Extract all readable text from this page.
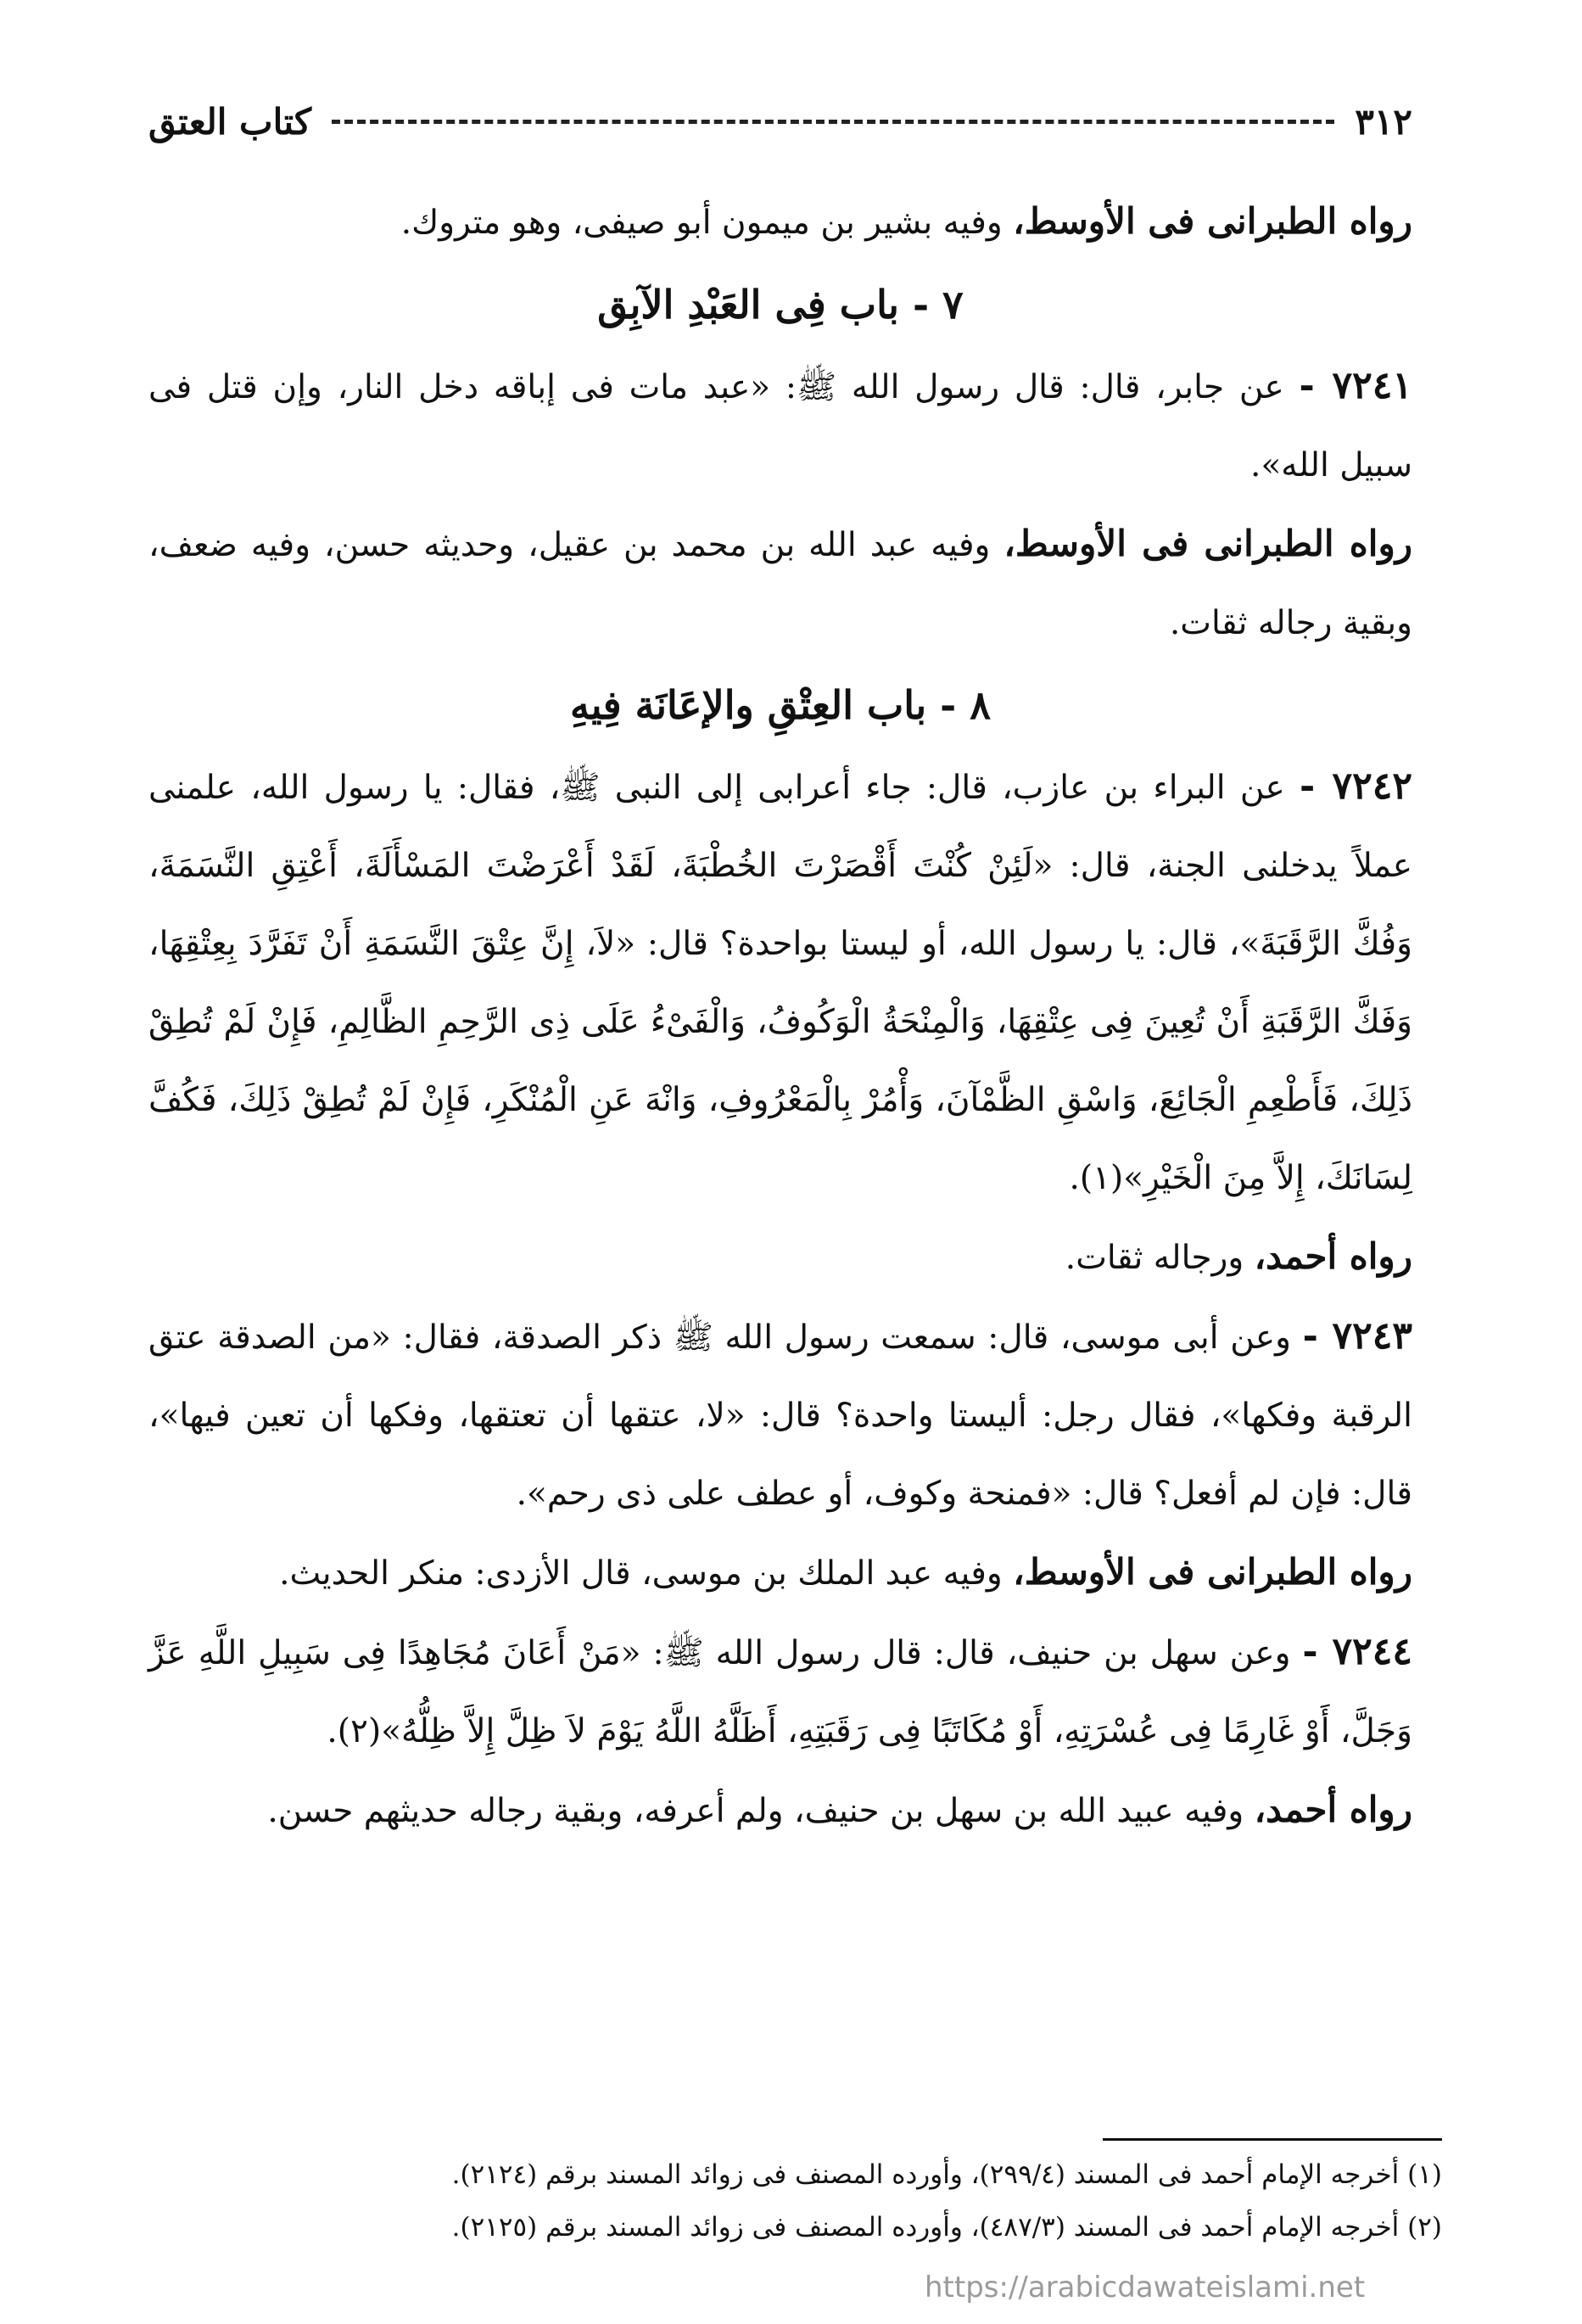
٣١٢
كتاب العتق

رواه الطبرانى فى الأوسط، وفيه بشير بن ميمون أبو صيفى، وهو متروك.

٧ - باب فِى العَبْدِ الآبِق

٧٢٤١ - عن جابر، قال: قال رسول الله ﷺ: «عبد مات فى إباقه دخل النار، وإن قتل فى سبيل الله».

رواه الطبرانى فى الأوسط، وفيه عبد الله بن محمد بن عقيل، وحديثه حسن، وفيه ضعف، وبقية رجاله ثقات.

٨ - باب العِتْقِ والإعَانَة فِيهِ

٧٢٤٢ - عن البراء بن عازب، قال: جاء أعرابى إلى النبى ﷺ، فقال: يا رسول الله، علمنى عملاً يدخلنى الجنة، قال: «لَئِنْ كُنْتَ أَقْصَرْتَ الخُطْبَةَ، لَقَدْ أَعْرَضْتَ المَسْأَلَةَ، أَعْتِقِ النَّسَمَةَ، وَفُكَّ الرَّقَبَةَ»، قال: يا رسول الله، أو ليستا بواحدة؟ قال: «لاَ، إِنَّ عِتْقَ النَّسَمَةِ أَنْ تَفَرَّدَ بِعِتْقِهَا، وَفَكَّ الرَّقَبَةِ أَنْ تُعِينَ فِى عِتْقِهَا، وَالْمِنْحَةُ الْوَكُوفُ، وَالْفَىْءُ عَلَى ذِى الرَّحِمِ الظَّالِمِ، فَإِنْ لَمْ تُطِقْ ذَلِكَ، فَأَطْعِمِ الْجَائِعَ، وَاسْقِ الظَّمْآنَ، وَأْمُرْ بِالْمَعْرُوفِ، وَانْهَ عَنِ الْمُنْكَرِ، فَإِنْ لَمْ تُطِقْ ذَلِكَ، فَكُفَّ لِسَانَكَ، إِلاَّ مِنَ الْخَيْرِ»(١).

رواه أحمد، ورجاله ثقات.

٧٢٤٣ - وعن أبى موسى، قال: سمعت رسول الله ﷺ ذكر الصدقة، فقال: «من الصدقة عتق الرقبة وفكها»، فقال رجل: أليستا واحدة؟ قال: «لا، عتقها أن تعتقها، وفكها أن تعين فيها»، قال: فإن لم أفعل؟ قال: «فمنحة وكوف، أو عطف على ذى رحم».

رواه الطبرانى فى الأوسط، وفيه عبد الملك بن موسى، قال الأزدى: منكر الحديث.

٧٢٤٤ - وعن سهل بن حنيف، قال: قال رسول الله ﷺ: «مَنْ أَعَانَ مُجَاهِدًا فِى سَبِيلِ اللَّهِ عَزَّ وَجَلَّ، أَوْ غَارِمًا فِى عُسْرَتِهِ، أَوْ مُكَاتَبًا فِى رَقَبَتِهِ، أَظَلَّهُ اللَّهُ يَوْمَ لاَ ظِلَّ إِلاَّ ظِلُّهُ»(٢).

رواه أحمد، وفيه عبيد الله بن سهل بن حنيف، ولم أعرفه، وبقية رجاله حديثهم حسن.

(١) أخرجه الإمام أحمد فى المسند (٢٩٩/٤)، وأورده المصنف فى زوائد المسند برقم (٢١٢٤).

(٢) أخرجه الإمام أحمد فى المسند (٤٨٧/٣)، وأورده المصنف فى زوائد المسند برقم (٢١٢٥).

https://arabicdawateislami.net
